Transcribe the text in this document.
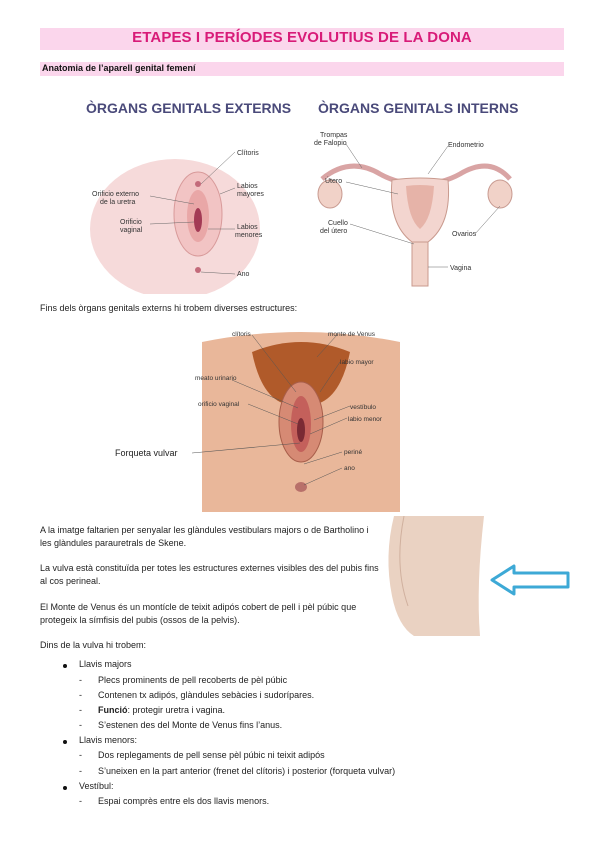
ETAPES I PERÍODES EVOLUTIUS DE LA DONA
Anatomia de l’aparell genital femení
ÒRGANS GENITALS EXTERNS ÒRGANS GENITALS INTERNS
Clítoris
Orificio externo
de la uretra
Labios
mayores
Orificio
vaginal	Labios
menores
Ano
Trompas
de Falopio	Endometrio
Útero
Cuello
del útero	Ovarios
Vagina
Fins dels òrgans genitals externs hi trobem diverses estructures:
clítoris	monte de Venus
labio mayor
meato urinario
orificio vaginal	vestíbulo
labio menor
periné
ano
Forqueta vulvar
A la imatge faltarien per senyalar les glàndules vestibulars majors o de Bartholino i les glàndules parauretrals de Skene.
La vulva està constituïda per totes les estructures externes visibles des del pubis fins al cos perineal.
El Monte de Venus és un montícle de teixit adipós cobert de pell i pèl púbic que protegeix la símfisis del pubis (ossos de la pelvis).
Dins de la vulva hi trobem:
Llavis majors
- Plecs prominents de pell recoberts de pèl púbic
- Contenen tx adipós, glàndules sebàcies i sudorípares.
- Funció: protegir uretra i vagina.
- S’estenen des del Monte de Venus fins l’anus.
Llavis menors:
- Dos replegaments de pell sense pèl púbic ni teixit adipós
- S’uneixen en la part anterior (frenet del clítoris) i posterior (forqueta vulvar)
Vestíbul:
- Espai comprès entre els dos llavis menors.
